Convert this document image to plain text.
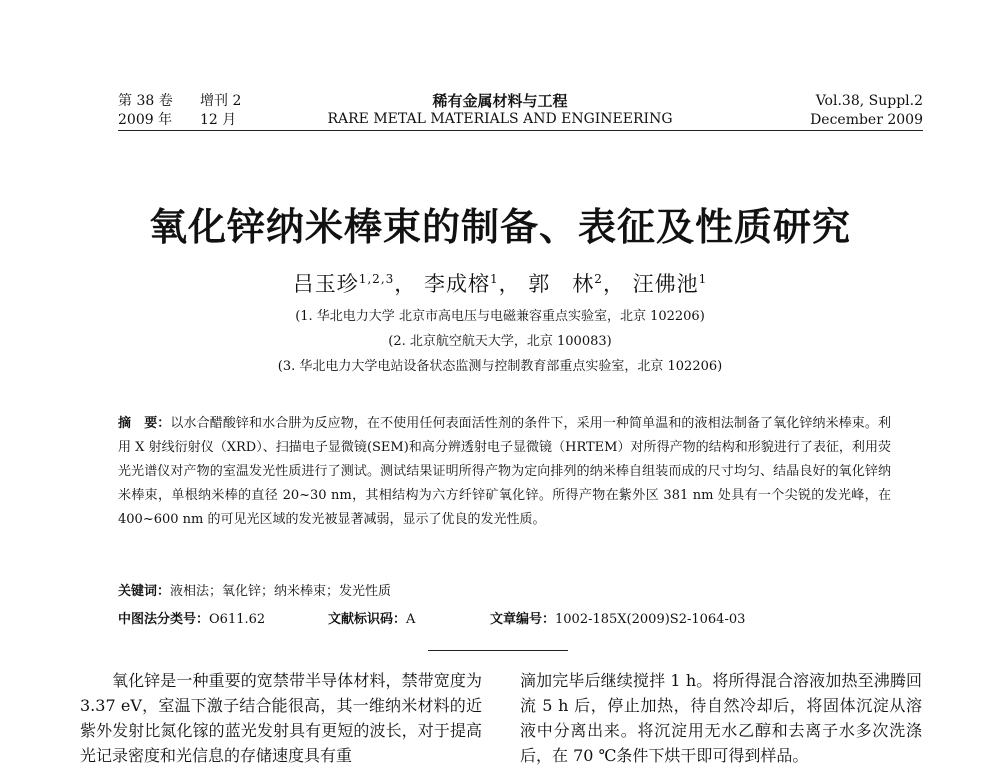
第 38 卷 增刊 2	稀有金属材料与工程	Vol.38, Suppl.2
2009 年 12 月	RARE METAL MATERIALS AND ENGINEERING	December 2009
氧化锌纳米棒束的制备、表征及性质研究
吕玉珍$^{1,2,3}$， 李成榕$^1$， 郭　林$^2$， 汪佛池$^1$
(1. 华北电力大学 北京市高电压与电磁兼容重点实验室，北京 102206)
(2. 北京航空航天大学，北京 100083)
(3. 华北电力大学电站设备状态监测与控制教育部重点实验室，北京 102206)
摘　要：以水合醋酸锌和水合肼为反应物，在不使用任何表面活性剂的条件下，采用一种简单温和的液相法制备了氧化锌纳米棒束。利用 X 射线衍射仪（XRD）、扫描电子显微镜(SEM)和高分辨透射电子显微镜（HRTEM）对所得产物的结构和形貌进行了表征，利用荧光光谱仪对产物的室温发光性质进行了测试。测试结果证明所得产物为定向排列的纳米棒自组装而成的尺寸均匀、结晶良好的氧化锌纳米棒束，单根纳米棒的直径 20~30 nm，其相结构为六方纤锌矿氧化锌。所得产物在紫外区 381 nm 处具有一个尖锐的发光峰，在 400~600 nm 的可见光区域的发光被显著减弱，显示了优良的发光性质。
关键词：液相法；氧化锌；纳米棒束；发光性质
中图法分类号：O611.62	文献标识码：A	文章编号：1002-185X(2009)S2-1064-03
氧化锌是一种重要的宽禁带半导体材料，禁带宽度为 3.37 eV，室温下激子结合能很高，其一维纳米材料的近紫外发射比氮化镓的蓝光发射具有更短的波长，对于提高光记录密度和光信息的存储速度具有重
滴加完毕后继续搅拌 1 h。将所得混合溶液加热至沸腾回流 5 h 后，停止加热，待自然冷却后，将固体沉淀从溶液中分离出来。将沉淀用无水乙醇和去离子水多次洗涤后，在 70 ℃条件下烘干即可得到样品。
